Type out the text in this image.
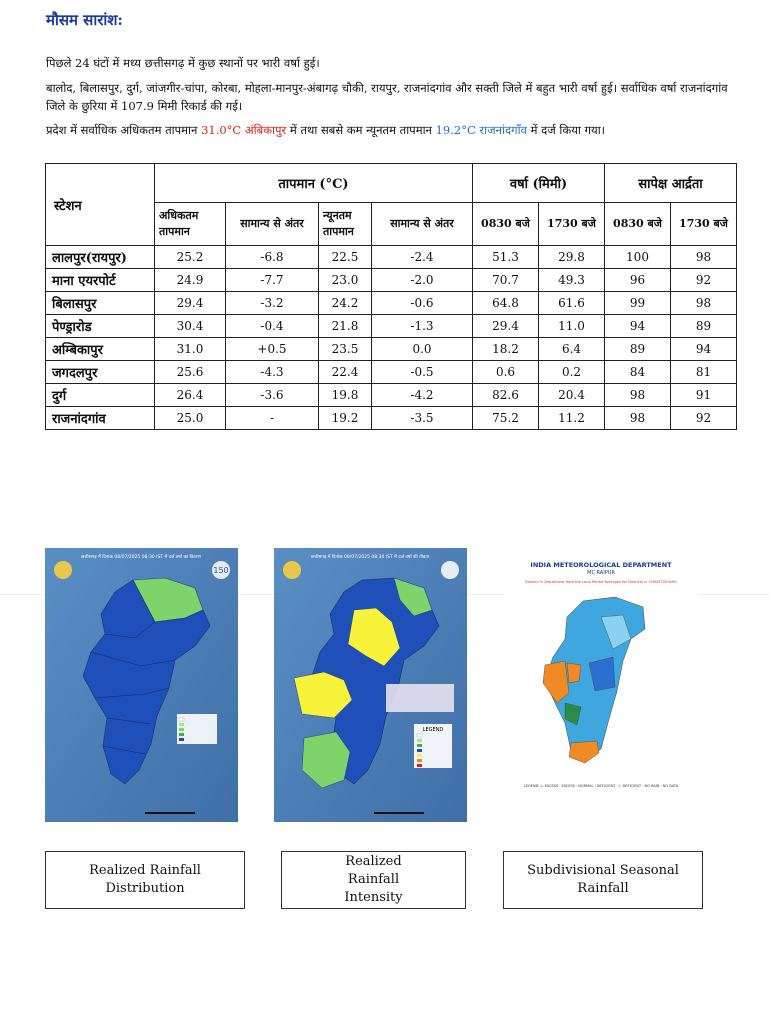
मौसम सारांश:
पिछले 24 घंटों में मध्य छत्तीसगढ़ में कुछ स्थानों पर भारी वर्षा हुई।
बालोद, बिलासपुर, दुर्ग, जांजगीर-चांपा, कोरबा, मोहला-मानपुर-अंबागढ़ चौकी, रायपुर, राजनांदगांव और सक्ती जिले में बहुत भारी वर्षा हुई। सर्वाधिक वर्षा राजनांदगांव जिले के छुरिया में 107.9 मिमी रिकार्ड की गई।
प्रदेश में सर्वाधिक अधिकतम तापमान 31.0°C अंबिकापुर में तथा सबसे कम न्यूनतम तापमान 19.2°C राजनांदगाँव में दर्ज किया गया।
स्टेशन	तापमान (°C)				वर्षा (मिमी)		सापेक्ष आर्द्रता	
	अधिकतम तापमान	सामान्य से अंतर	न्यूनतम तापमान	सामान्य से अंतर	0830 बजे	1730 बजे	0830 बजे	1730 बजे
लालपुर(रायपुर)	25.2	-6.8	22.5	-2.4	51.3	29.8	100	98
माना एयरपोर्ट	24.9	-7.7	23.0	-2.0	70.7	49.3	96	92
बिलासपुर	29.4	-3.2	24.2	-0.6	64.8	61.6	99	98
पेण्ड्रारोड	30.4	-0.4	21.8	-1.3	29.4	11.0	94	89
अम्बिकापुर	31.0	+0.5	23.5	0.0	18.2	6.4	89	94
जगदलपुर	25.6	-4.3	22.4	-0.5	0.6	0.2	84	81
दुर्ग	26.4	-3.6	19.8	-4.2	82.6	20.4	98	91
राजनांदगांव	25.0	-	19.2	-3.5	75.2	11.2	98	92
150
छत्तीसगढ़ में दिनांक 08/07/2025 08:30 IST में दर्ज वर्षा का वितरण	छत्तीसगढ़ में दिनांक 08/07/2025 08:30 IST में दर्ज वर्षा की तीव्रता
LEGEND
INDIA METEOROLOGICAL DEPARTMENT
MC RAIPUR
Rainfall % Departures from the Long Period Averages for Districts in CHHATTISGARH
LEGEND: L. EXCESS · EXCESS · NORMAL · DEFICIENT · L. DEFICIENT · NO RAIN · NO DATA
Realized Rainfall Distribution
Realized Rainfall Intensity
Subdivisional Seasonal Rainfall
